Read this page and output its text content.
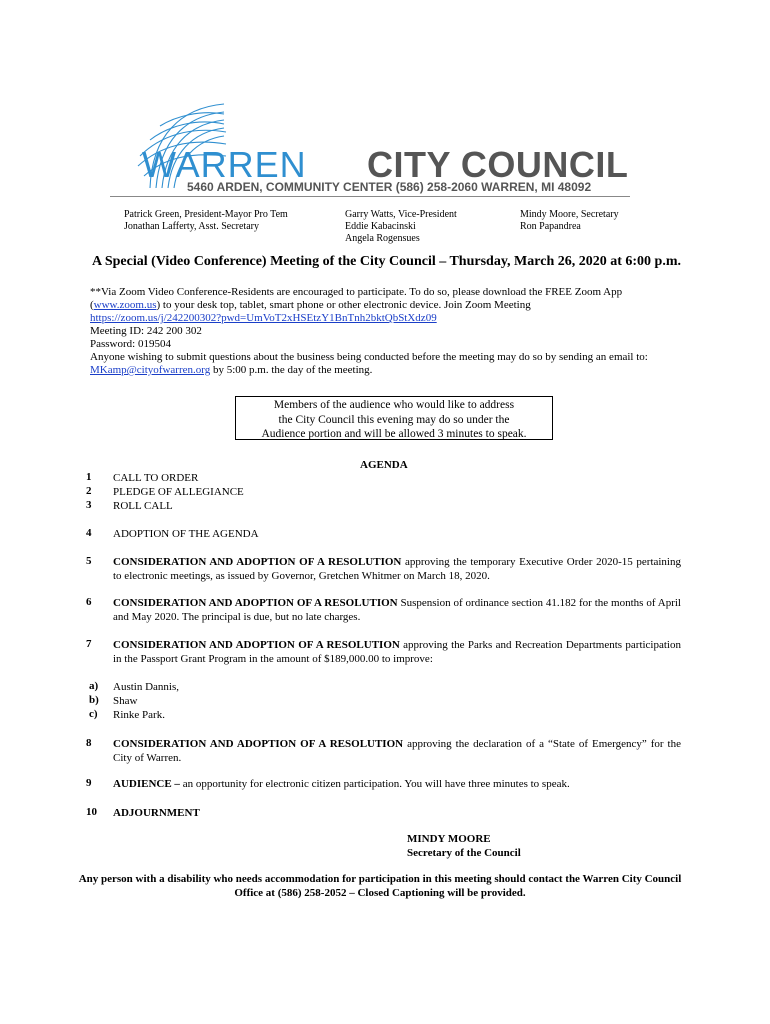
WARREN CITY COUNCIL
5460 ARDEN, COMMUNITY CENTER (586) 258-2060 WARREN, MI 48092
Patrick Green, President-Mayor Pro Tem
Jonathan Lafferty, Asst. Secretary
Garry Watts, Vice-President
Eddie Kabacinski
Angela Rogensues
Mindy Moore, Secretary
Ron Papandrea
A Special (Video Conference) Meeting of the City Council – Thursday, March 26, 2020 at 6:00 p.m.
**Via Zoom Video Conference-Residents are encouraged to participate. To do so, please download the FREE Zoom App
(www.zoom.us) to your desk top, tablet, smart phone or other electronic device. Join Zoom Meeting
https://zoom.us/j/242200302?pwd=UmVoT2xHSEtzY1BnTnh2bktQbStXdz09
Meeting ID: 242 200 302
Password: 019504
Anyone wishing to submit questions about the business being conducted before the meeting may do so by sending an email to:
MKamp@cityofwarren.org by 5:00 p.m. the day of the meeting.
Members of the audience who would like to address
the City Council this evening may do so under the
Audience portion and will be allowed 3 minutes to speak.
AGENDA
1 CALL TO ORDER
2 PLEDGE OF ALLEGIANCE
3 ROLL CALL
4 ADOPTION OF THE AGENDA
5 CONSIDERATION AND ADOPTION OF A RESOLUTION approving the temporary Executive Order 2020-15 pertaining to electronic meetings, as issued by Governor, Gretchen Whitmer on March 18, 2020.
6 CONSIDERATION AND ADOPTION OF A RESOLUTION Suspension of ordinance section 41.182 for the months of April and May 2020. The principal is due, but no late charges.
7 CONSIDERATION AND ADOPTION OF A RESOLUTION approving the Parks and Recreation Departments participation in the Passport Grant Program in the amount of $189,000.00 to improve:
a) Austin Dannis,
b) Shaw
c) Rinke Park.
8 CONSIDERATION AND ADOPTION OF A RESOLUTION approving the declaration of a “State of Emergency” for the City of Warren.
9 AUDIENCE – an opportunity for electronic citizen participation. You will have three minutes to speak.
10 ADJOURNMENT
MINDY MOORE
Secretary of the Council
Any person with a disability who needs accommodation for participation in this meeting should contact the Warren City Council Office at (586) 258-2052 – Closed Captioning will be provided.
